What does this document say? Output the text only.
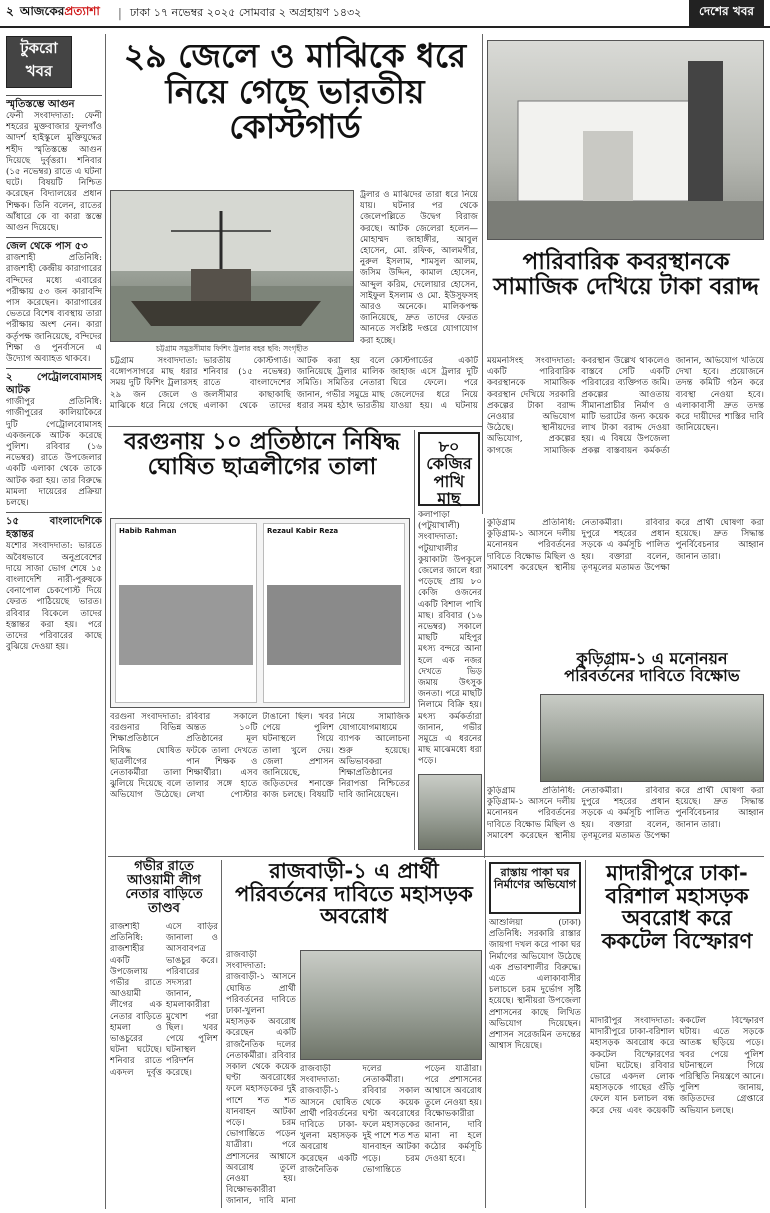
২ আজকেরপ্রত্যাশা | ঢাকা ১৭ নভেম্বর ২০২৫ সোমবার ২ অগ্রহায়ণ ১৪৩২	দেশের খবর
টুকরো
খবর
স্মৃতিস্তম্ভে আগুন

ফেনী সংবাদদাতা: ফেনী শহরের মুক্তবাজার ফুলগাঁও আদর্শ হাইস্কুলে মুক্তিযুদ্ধের শহীদ স্মৃতিস্তম্ভে আগুন দিয়েছে দুর্বৃত্তরা। শনিবার (১৫ নভেম্বর) রাতে এ ঘটনা ঘটে। বিষয়টি নিশ্চিত করেছেন বিদ্যালয়ের প্রধান শিক্ষক। তিনি বলেন, রাতের আঁধারে কে বা কারা স্তম্ভে আগুন দিয়েছে।

জেল থেকে পাস ৫৩

রাজশাহী প্রতিনিধি: রাজশাহী কেন্দ্রীয় কারাগারের বন্দিদের মধ্যে এবারের পরীক্ষায় ৫৩ জন কারাবন্দি পাস করেছেন। কারাগারের ভেতরে বিশেষ ব্যবস্থায় তারা পরীক্ষায় অংশ নেন। কারা কর্তৃপক্ষ জানিয়েছে, বন্দিদের শিক্ষা ও পুনর্বাসনে এ উদ্যোগ অব্যাহত থাকবে।

২ পেট্রোলবোমাসহ আটক

গাজীপুর প্রতিনিধি: গাজীপুরের কালিয়াকৈরে দুটি পেট্রোলবোমাসহ একজনকে আটক করেছে পুলিশ। রবিবার (১৬ নভেম্বর) রাতে উপজেলার একটি এলাকা থেকে তাকে আটক করা হয়। তার বিরুদ্ধে মামলা দায়েরের প্রক্রিয়া চলছে।

১৫ বাংলাদেশিকে হস্তান্তর

যশোর সংবাদদাতা: ভারতে অবৈধভাবে অনুপ্রবেশের দায়ে সাজা ভোগ শেষে ১৫ বাংলাদেশি নারী-পুরুষকে বেনাপোল চেকপোস্ট দিয়ে ফেরত পাঠিয়েছে ভারত। রবিবার বিকেলে তাদের হস্তান্তর করা হয়। পরে তাদের পরিবারের কাছে বুঝিয়ে দেওয়া হয়।

২৯ জেলে ও মাঝিকে ধরে নিয়ে গেছে ভারতীয় কোস্টগার্ড
চট্টগ্রাম সমুদ্রসীমায় ফিশিং ট্রলার বহর ছবি: সংগৃহীত

ট্রলার ও মাঝিদের তারা ধরে নিয়ে যায়। ঘটনার পর থেকে জেলেপল্লিতে উদ্বেগ বিরাজ করছে। আটক জেলেরা হলেন— মোহাম্মদ জাহাঙ্গীর, আবুল হোসেন, মো. রফিক, আলমগীর, নুরুল ইসলাম, শামসুল আলম, জসিম উদ্দিন, কামাল হোসেন, আব্দুল করিম, দেলোয়ার হোসেন, সাইফুল ইসলাম ও মো. ইউসুফসহ আরও অনেকে। মালিকপক্ষ জানিয়েছে, দ্রুত তাদের ফেরত আনতে সংশ্লিষ্ট দপ্তরে যোগাযোগ করা হচ্ছে।

চট্টগ্রাম সংবাদদাতা: বঙ্গোপসাগরে মাছ ধরার সময় দুটি ফিশিং ট্রলারসহ ২৯ জন জেলে ও মাঝিকে ধরে নিয়ে গেছে ভারতীয় কোস্টগার্ড। শনিবার (১৫ নভেম্বর) রাতে বাংলাদেশের জলসীমার কাছাকাছি এলাকা থেকে তাদের আটক করা হয় বলে জানিয়েছে ট্রলার মালিক সমিতি। সমিতির নেতারা জানান, গভীর সমুদ্রে মাছ ধরার সময় হঠাৎ ভারতীয় কোস্টগার্ডের একটি জাহাজ এসে ট্রলার দুটি ঘিরে ফেলে। পরে জেলেদের ধরে নিয়ে যাওয়া হয়। এ ঘটনায়

পারিবারিক কবরস্থানকে সামাজিক দেখিয়ে টাকা বরাদ্দ

ময়মনসিংহ সংবাদদাতা: একটি পারিবারিক কবরস্থানকে সামাজিক কবরস্থান দেখিয়ে সরকারি প্রকল্পের টাকা বরাদ্দ নেওয়ার অভিযোগ উঠেছে। স্থানীয়দের অভিযোগ, প্রকল্পের কাগজে সামাজিক কবরস্থান উল্লেখ থাকলেও বাস্তবে সেটি একটি পরিবারের ব্যক্তিগত জমি। প্রকল্পের আওতায় সীমানাপ্রাচীর নির্মাণ ও মাটি ভরাটের জন্য কয়েক লাখ টাকা বরাদ্দ দেওয়া হয়। এ বিষয়ে উপজেলা প্রকল্প বাস্তবায়ন কর্মকর্তা জানান, অভিযোগ খতিয়ে দেখা হবে। প্রয়োজনে তদন্ত কমিটি গঠন করে ব্যবস্থা নেওয়া হবে। এলাকাবাসী দ্রুত তদন্ত করে দায়ীদের শাস্তির দাবি জানিয়েছেন।

বরগুনায় ১০ প্রতিষ্ঠানে নিষিদ্ধ ঘোষিত ছাত্রলীগের তালা
Habib Rahman	Rezaul Kabir Reza

বরগুনা সংবাদদাতা: বরগুনার বিভিন্ন শিক্ষাপ্রতিষ্ঠানে নিষিদ্ধ ঘোষিত ছাত্রলীগের নেতাকর্মীরা তালা ঝুলিয়ে দিয়েছে বলে অভিযোগ উঠেছে। রবিবার সকালে অন্তত ১০টি প্রতিষ্ঠানের মূল ফটকে তালা দেখতে পান শিক্ষক ও শিক্ষার্থীরা। এসব তালার সঙ্গে হাতে লেখা পোস্টার টাঙানো ছিল। খবর পেয়ে পুলিশ ঘটনাস্থলে গিয়ে তালা খুলে দেয়। জেলা প্রশাসন জানিয়েছে, জড়িতদের শনাক্তে কাজ চলছে। বিষয়টি নিয়ে সামাজিক যোগাযোগমাধ্যমে ব্যাপক আলোচনা শুরু হয়েছে। অভিভাবকরা শিক্ষাপ্রতিষ্ঠানের নিরাপত্তা নিশ্চিতের দাবি জানিয়েছেন।

৮০ কেজির পাখি মাছ

কলাপাড়া (পটুয়াখালী) সংবাদদাতা: পটুয়াখালীর কুয়াকাটা উপকূলে জেলের জালে ধরা পড়েছে প্রায় ৮০ কেজি ওজনের একটি বিশাল পাখি মাছ। রবিবার (১৬ নভেম্বর) সকালে মাছটি মহিপুর মৎস্য বন্দরে আনা হলে এক নজর দেখতে ভিড় জমায় উৎসুক জনতা। পরে মাছটি নিলামে বিক্রি হয়। মৎস্য কর্মকর্তারা জানান, গভীর সমুদ্রে এ ধরনের মাছ মাঝেমধ্যে ধরা পড়ে।

কুড়িগ্রাম প্রতিনিধি: কুড়িগ্রাম-১ আসনে দলীয় মনোনয়ন পরিবর্তনের দাবিতে বিক্ষোভ মিছিল ও সমাবেশ করেছেন স্থানীয় নেতাকর্মীরা। রবিবার দুপুরে শহরের প্রধান সড়কে এ কর্মসূচি পালিত হয়। বক্তারা বলেন, তৃণমূলের মতামত উপেক্ষা করে প্রার্থী ঘোষণা করা হয়েছে। দ্রুত সিদ্ধান্ত পুনর্বিবেচনার আহ্বান জানান তারা।

কুড়িগ্রাম-১ এ মনোনয়ন পরিবর্তনের দাবিতে বিক্ষোভ

কুড়িগ্রাম প্রতিনিধি: কুড়িগ্রাম-১ আসনে দলীয় মনোনয়ন পরিবর্তনের দাবিতে বিক্ষোভ মিছিল ও সমাবেশ করেছেন স্থানীয় নেতাকর্মীরা। রবিবার দুপুরে শহরের প্রধান সড়কে এ কর্মসূচি পালিত হয়। বক্তারা বলেন, তৃণমূলের মতামত উপেক্ষা করে প্রার্থী ঘোষণা করা হয়েছে। দ্রুত সিদ্ধান্ত পুনর্বিবেচনার আহ্বান জানান তারা।

গভীর রাতে আওয়ামী লীগ নেতার বাড়িতে তাণ্ডব

রাজশাহী প্রতিনিধি: রাজশাহীর একটি উপজেলায় গভীর রাতে আওয়ামী লীগের এক নেতার বাড়িতে হামলা ও ভাঙচুরের ঘটনা ঘটেছে। শনিবার রাতে একদল দুর্বৃত্ত এসে বাড়ির জানালা ও আসবাবপত্র ভাঙচুর করে। পরিবারের সদস্যরা জানান, হামলাকারীরা মুখোশ পরা ছিল। খবর পেয়ে পুলিশ ঘটনাস্থল পরিদর্শন করেছে।

রাজবাড়ী-১ এ প্রার্থী পরিবর্তনের দাবিতে মহাসড়ক অবরোধ

রাজবাড়ী সংবাদদাতা: রাজবাড়ী-১ আসনে ঘোষিত প্রার্থী পরিবর্তনের দাবিতে ঢাকা-খুলনা মহাসড়ক অবরোধ করেছেন একটি রাজনৈতিক দলের নেতাকর্মীরা। রবিবার সকাল থেকে কয়েক ঘণ্টা অবরোধের ফলে মহাসড়কের দুই পাশে শত শত যানবাহন আটকা পড়ে। চরম ভোগান্তিতে পড়েন যাত্রীরা। পরে প্রশাসনের আশ্বাসে অবরোধ তুলে নেওয়া হয়। বিক্ষোভকারীরা জানান, দাবি মানা

রাজবাড়ী সংবাদদাতা: রাজবাড়ী-১ আসনে ঘোষিত প্রার্থী পরিবর্তনের দাবিতে ঢাকা-খুলনা মহাসড়ক অবরোধ করেছেন একটি রাজনৈতিক দলের নেতাকর্মীরা। রবিবার সকাল থেকে কয়েক ঘণ্টা অবরোধের ফলে মহাসড়কের দুই পাশে শত শত যানবাহন আটকা পড়ে। চরম ভোগান্তিতে পড়েন যাত্রীরা। পরে প্রশাসনের আশ্বাসে অবরোধ তুলে নেওয়া হয়। বিক্ষোভকারীরা জানান, দাবি মানা না হলে কঠোর কর্মসূচি দেওয়া হবে।

রাস্তায় পাকা ঘর নির্মাণের অভিযোগ

আশুলিয়া (ঢাকা) প্রতিনিধি: সরকারি রাস্তার জায়গা দখল করে পাকা ঘর নির্মাণের অভিযোগ উঠেছে এক প্রভাবশালীর বিরুদ্ধে। এতে এলাকাবাসীর চলাচলে চরম দুর্ভোগ সৃষ্টি হয়েছে। স্থানীয়রা উপজেলা প্রশাসনের কাছে লিখিত অভিযোগ দিয়েছেন। প্রশাসন সরেজমিন তদন্তের আশ্বাস দিয়েছে।

মাদারীপুরে ঢাকা-বরিশাল মহাসড়ক অবরোধ করে ককটেল বিস্ফোরণ

মাদারীপুর সংবাদদাতা: মাদারীপুরে ঢাকা-বরিশাল মহাসড়ক অবরোধ করে ককটেল বিস্ফোরণের ঘটনা ঘটেছে। রবিবার ভোরে একদল লোক মহাসড়কে গাছের গুঁড়ি ফেলে যান চলাচল বন্ধ করে দেয় এবং কয়েকটি ককটেল বিস্ফোরণ ঘটায়। এতে সড়কে আতঙ্ক ছড়িয়ে পড়ে। খবর পেয়ে পুলিশ ঘটনাস্থলে গিয়ে পরিস্থিতি নিয়ন্ত্রণে আনে। পুলিশ জানায়, জড়িতদের গ্রেপ্তারে অভিযান চলছে।
